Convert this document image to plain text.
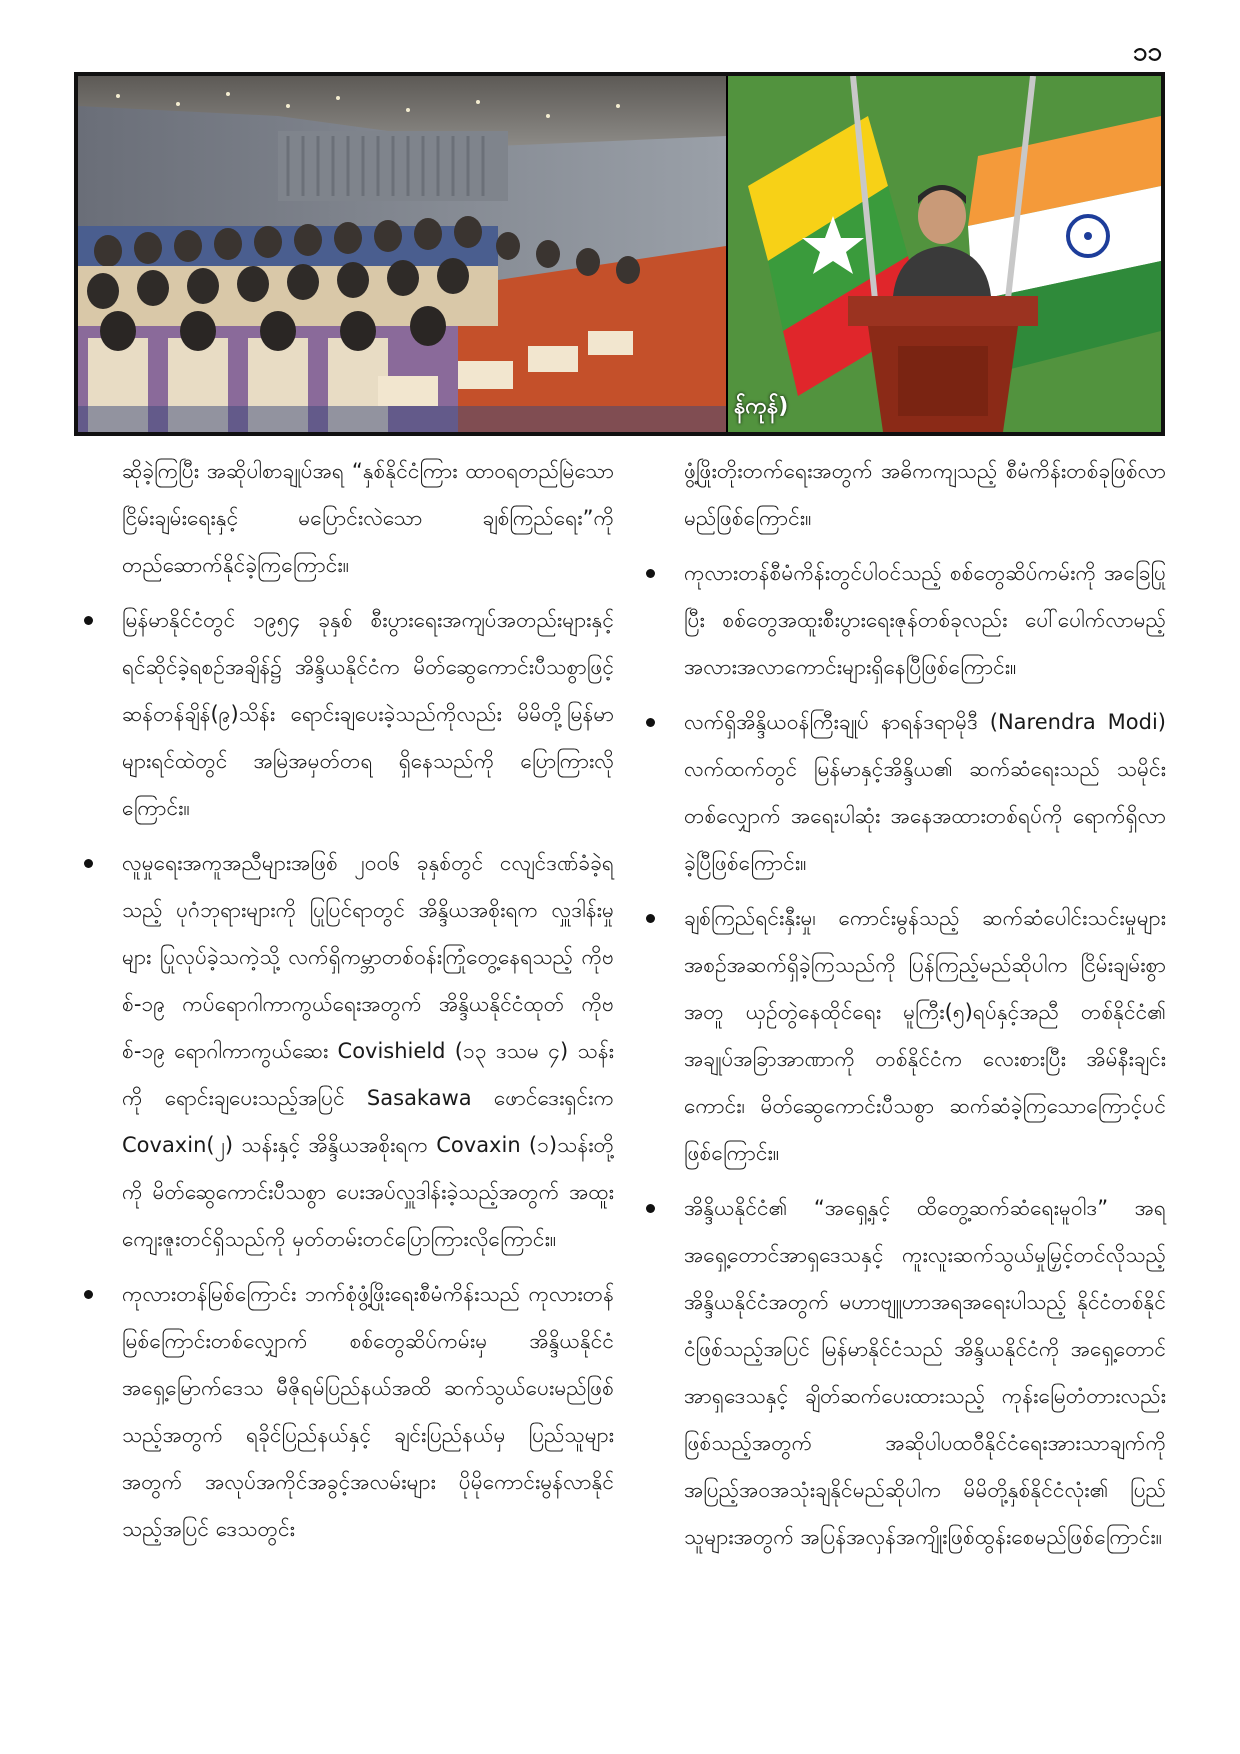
၁၁
န်ကုန်)
ဆိုခဲ့ကြပြီး အဆိုပါစာချုပ်အရ “နှစ်နိုင်ငံကြား ထာဝရတည်မြဲသော ငြိမ်းချမ်းရေးနှင့် မပြောင်းလဲသော ချစ်ကြည်ရေး”ကို တည်ဆောက်နိုင်ခဲ့ကြကြောင်း။
မြန်မာနိုင်ငံတွင် ၁၉၅၄ ခုနှစ် စီးပွားရေးအကျပ်အတည်းများနှင့် ရင်ဆိုင်ခဲ့ရစဉ်အချိန်၌ အိန္ဒိယနိုင်ငံက မိတ်ဆွေကောင်းပီသစွာဖြင့် ဆန်တန်ချိန်(၉)သိန်း ရောင်းချပေးခဲ့သည်ကိုလည်း မိမိတို့မြန်မာများရင်ထဲတွင် အမြဲအမှတ်တရ ရှိနေသည်ကို ပြောကြားလိုကြောင်း။
လူမှုရေးအကူအညီများအဖြစ် ၂၀၀၆ ခုနှစ်တွင် ငလျင်ဒဏ်ခံခဲ့ရသည့် ပုဂံဘုရားများကို ပြုပြင်ရာတွင် အိန္ဒိယအစိုးရက လှူဒါန်းမှုများ ပြုလုပ်ခဲ့သကဲ့သို့ လက်ရှိကမ္ဘာတစ်ဝန်းကြုံတွေ့နေရသည့် ကိုဗစ်-၁၉ ကပ်ရောဂါကာကွယ်ရေးအတွက် အိန္ဒိယနိုင်ငံထုတ် ကိုဗစ်-၁၉ ရောဂါကာကွယ်ဆေး Covishield (၁၃ ဒသမ ၄) သန်းကို ရောင်းချပေးသည့်အပြင် Sasakawa ဖောင်ဒေးရှင်းက Covaxin(၂) သန်းနှင့် အိန္ဒိယအစိုးရက Covaxin (၁)သန်းတို့ကို မိတ်ဆွေကောင်းပီသစွာ ပေးအပ်လှူဒါန်းခဲ့သည့်အတွက် အထူးကျေးဇူးတင်ရှိသည်ကို မှတ်တမ်းတင်ပြောကြားလိုကြောင်း။
ကုလားတန်မြစ်ကြောင်း ဘက်စုံဖွံ့ဖြိုးရေးစီမံကိန်းသည် ကုလားတန်မြစ်ကြောင်းတစ်လျှောက် စစ်တွေဆိပ်ကမ်းမှ အိန္ဒိယနိုင်ငံအရှေ့မြောက်ဒေသ မီဇိုရမ်ပြည်နယ်အထိ ဆက်သွယ်ပေးမည်ဖြစ်သည့်အတွက် ရခိုင်ပြည်နယ်နှင့် ချင်းပြည်နယ်မှ ပြည်သူများအတွက် အလုပ်အကိုင်အခွင့်အလမ်းများ ပိုမိုကောင်းမွန်လာနိုင်သည့်အပြင် ဒေသတွင်း
ဖွံ့ဖြိုးတိုးတက်ရေးအတွက် အဓိကကျသည့် စီမံကိန်းတစ်ခုဖြစ်လာမည်ဖြစ်ကြောင်း။
ကုလားတန်စီမံကိန်းတွင်ပါဝင်သည့် စစ်တွေဆိပ်ကမ်းကို အခြေပြုပြီး စစ်တွေအထူးစီးပွားရေးဇုန်တစ်ခုလည်း ပေါ်ပေါက်လာမည့် အလားအလာကောင်းများရှိနေပြီဖြစ်ကြောင်း။
လက်ရှိအိန္ဒိယဝန်ကြီးချုပ် နာရန်ဒရာမိုဒီ (Narendra Modi) လက်ထက်တွင် မြန်မာနှင့်အိန္ဒိယ၏ ဆက်ဆံရေးသည် သမိုင်းတစ်လျှောက် အရေးပါဆုံး အနေအထားတစ်ရပ်ကို ရောက်ရှိလာခဲ့ပြီဖြစ်ကြောင်း။
ချစ်ကြည်ရင်းနှီးမှု၊ ကောင်းမွန်သည့် ဆက်ဆံပေါင်းသင်းမှုများ အစဉ်အဆက်ရှိခဲ့ကြသည်ကို ပြန်ကြည့်မည်ဆိုပါက ငြိမ်းချမ်းစွာအတူ ယှဉ်တွဲနေထိုင်ရေး မူကြီး(၅)ရပ်နှင့်အညီ တစ်နိုင်ငံ၏ အချုပ်အခြာအာဏာကို တစ်နိုင်ငံက လေးစားပြီး အိမ်နီးချင်းကောင်း၊ မိတ်ဆွေကောင်းပီသစွာ ဆက်ဆံခဲ့ကြသောကြောင့်ပင်ဖြစ်ကြောင်း။
အိန္ဒိယနိုင်ငံ၏ “အရှေ့နှင့် ထိတွေ့ဆက်ဆံရေးမူဝါဒ” အရ အရှေ့တောင်အာရှဒေသနှင့် ကူးလူးဆက်သွယ်မှုမြှင့်တင်လိုသည့် အိန္ဒိယနိုင်ငံအတွက် မဟာဗျူဟာအရအရေးပါသည့် နိုင်ငံတစ်နိုင်ငံဖြစ်သည့်အပြင် မြန်မာနိုင်ငံသည် အိန္ဒိယနိုင်ငံကို အရှေ့တောင်အာရှဒေသနှင့် ချိတ်ဆက်ပေးထားသည့် ကုန်းမြေတံတားလည်းဖြစ်သည့်အတွက် အဆိုပါပထဝီနိုင်ငံရေးအားသာချက်ကို အပြည့်အဝအသုံးချနိုင်မည်ဆိုပါက မိမိတို့နှစ်နိုင်ငံလုံး၏ ပြည်သူများအတွက် အပြန်အလှန်အကျိုးဖြစ်ထွန်းစေမည်ဖြစ်ကြောင်း။
